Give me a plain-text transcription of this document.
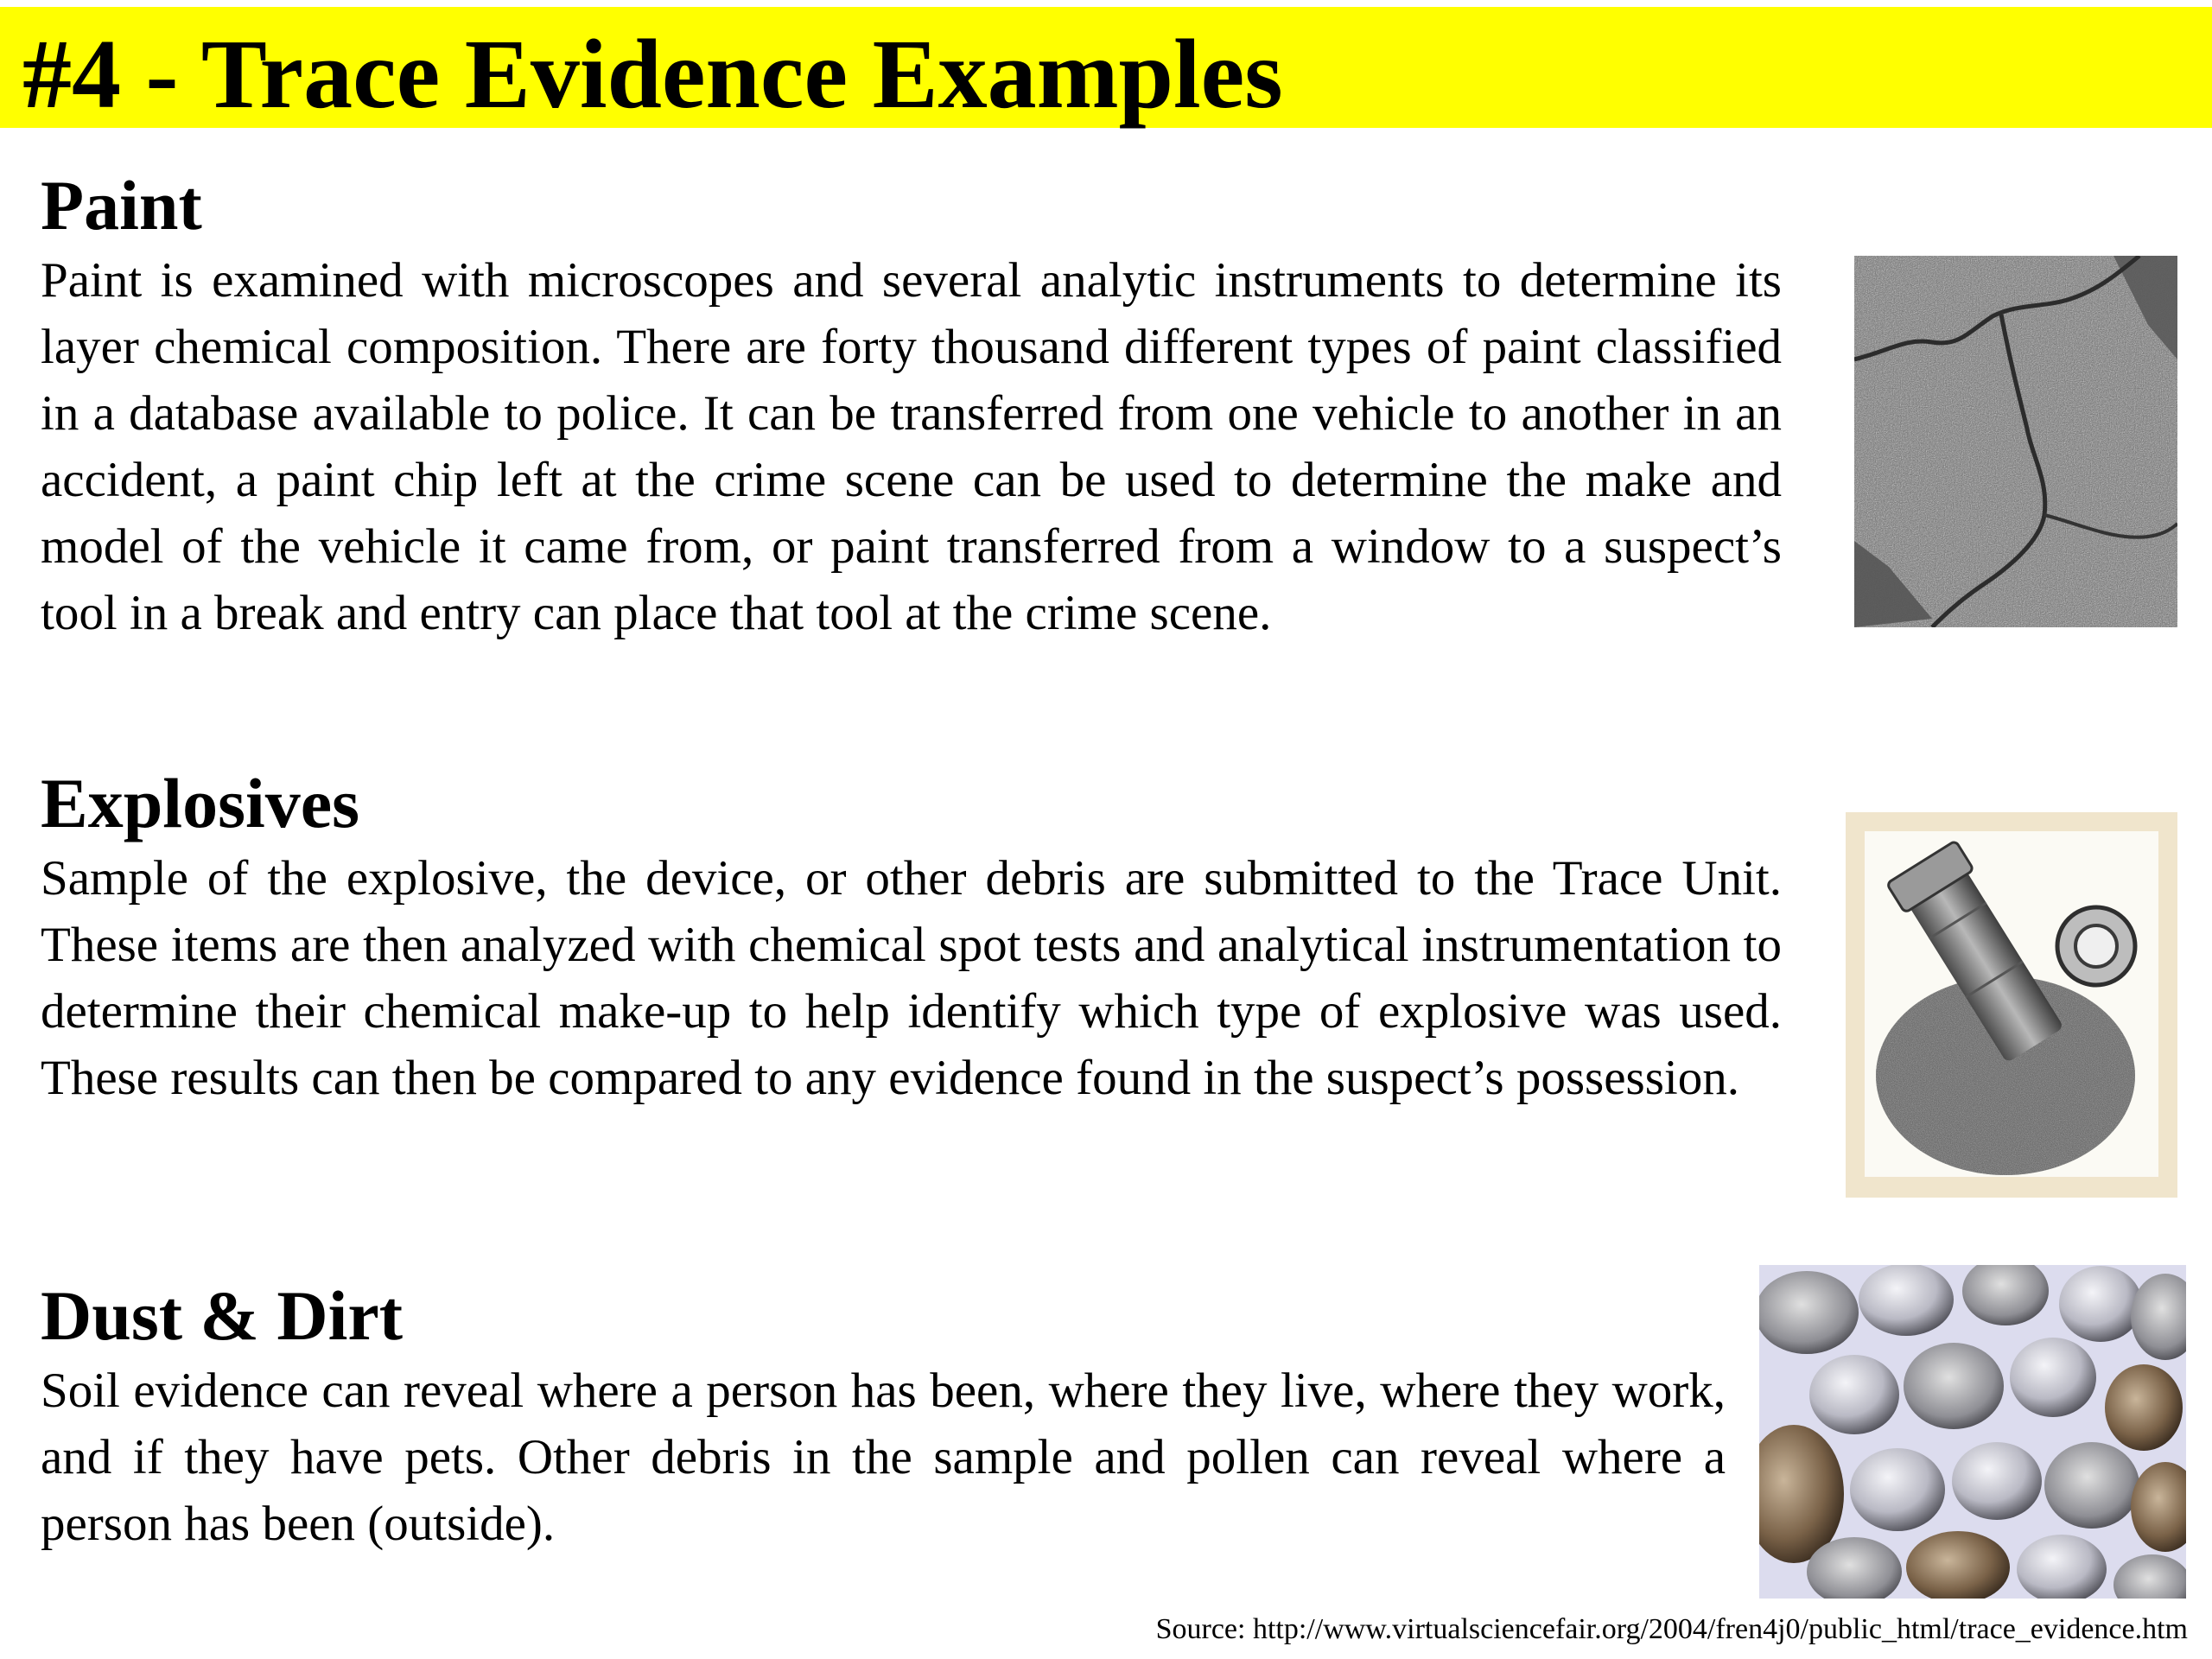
#4 - Trace Evidence Examples
Paint

Paint is examined with microscopes and several analytic instruments to determine its layer chemical composition. There are forty thousand different types of paint classified in a database available to police. It can be transferred from one vehicle to another in an accident, a paint chip left at the crime scene can be used to determine the make and model of the vehicle it came from, or paint transferred from a window to a suspect’s tool in a break and entry can place that tool at the crime scene.

Explosives

Sample of the explosive, the device, or other debris are submitted to the Trace Unit. These items are then analyzed with chemical spot tests and analytical instrumentation to determine their chemical make-up to help identify which type of explosive was used. These results can then be compared to any evidence found in the suspect’s possession.

Dust & Dirt

Soil evidence can reveal where a person has been, where they live, where they work, and if they have pets. Other debris in the sample and pollen can reveal where a person has been (outside).

Source: http://www.virtualsciencefair.org/2004/fren4j0/public_html/trace_evidence.htm
